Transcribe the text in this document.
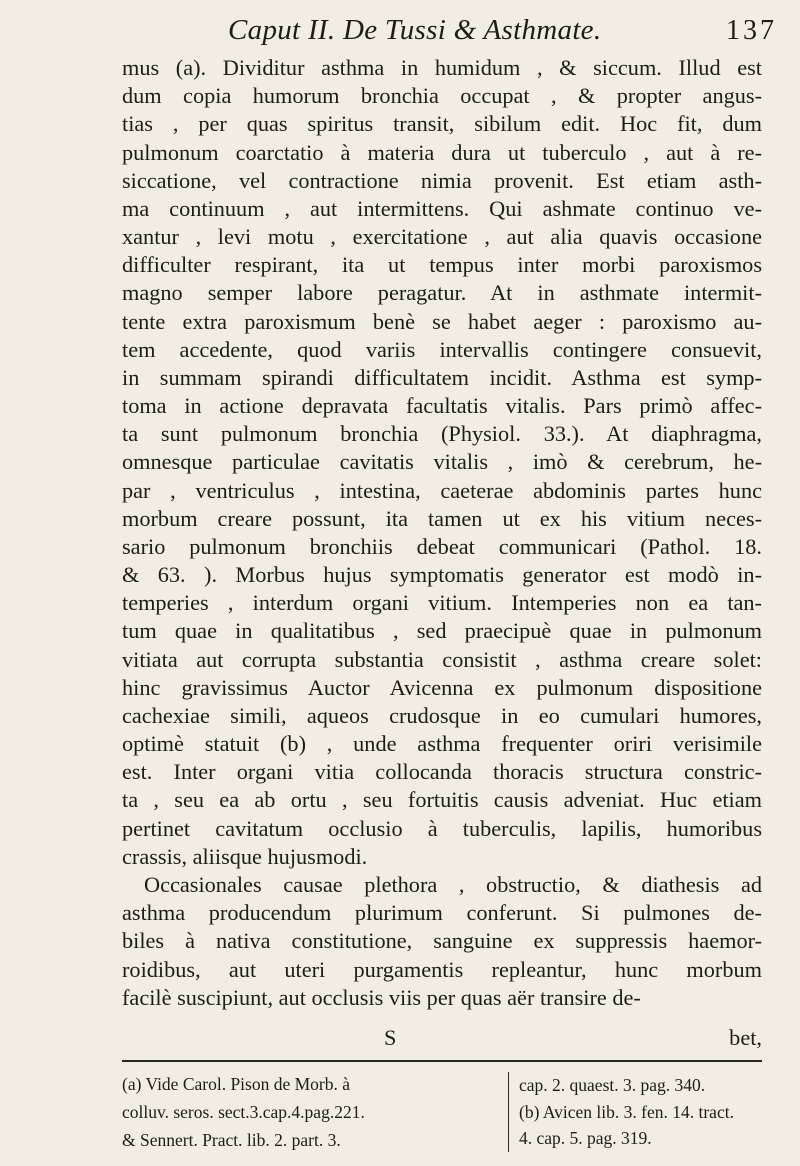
Caput II. De Tussi & Asthmate.	137
mus (a). Dividitur asthma in humidum , & siccum. Illud est
dum copia humorum bronchia occupat , & propter angus-
tias , per quas spiritus transit, sibilum edit. Hoc fit, dum
pulmonum coarctatio à materia dura ut tuberculo , aut à re-
siccatione, vel contractione nimia provenit. Est etiam asth-
ma continuum , aut intermittens. Qui ashmate continuo ve-
xantur , levi motu , exercitatione , aut alia quavis occasione
difficulter respirant, ita ut tempus inter morbi paroxismos
magno semper labore peragatur. At in asthmate intermit-
tente extra paroxismum benè se habet aeger : paroxismo au-
tem accedente, quod variis intervallis contingere consuevit,
in summam spirandi difficultatem incidit. Asthma est symp-
toma in actione depravata facultatis vitalis. Pars primò affec-
ta sunt pulmonum bronchia (Physiol. 33.). At diaphragma,
omnesque particulae cavitatis vitalis , imò & cerebrum, he-
par , ventriculus , intestina, caeterae abdominis partes hunc
morbum creare possunt, ita tamen ut ex his vitium neces-
sario pulmonum bronchiis debeat communicari (Pathol. 18.
& 63. ). Morbus hujus symptomatis generator est modò in-
temperies , interdum organi vitium. Intemperies non ea tan-
tum quae in qualitatibus , sed praecipuè quae in pulmonum
vitiata aut corrupta substantia consistit , asthma creare solet:
hinc gravissimus Auctor Avicenna ex pulmonum dispositione
cachexiae simili, aqueos crudosque in eo cumulari humores,
optimè statuit (b) , unde asthma frequenter oriri verisimile
est. Inter organi vitia collocanda thoracis structura constric-
ta , seu ea ab ortu , seu fortuitis causis adveniat. Huc etiam
pertinet cavitatum occlusio à tuberculis, lapilis, humoribus
crassis, aliisque hujusmodi.
Occasionales causae plethora , obstructio, & diathesis ad
asthma producendum plurimum conferunt. Si pulmones de-
biles à nativa constitutione, sanguine ex suppressis haemor-
roidibus, aut uteri purgamentis repleantur, hunc morbum
facilè suscipiunt, aut occlusis viis per quas aër transire de-
S	bet,
(a) Vide Carol. Pison de Morb. à
colluv. seros. sect.3.cap.4.pag.221.
& Sennert. Pract. lib. 2. part. 3.
cap. 2. quaest. 3. pag. 340.
(b) Avicen lib. 3. fen. 14. tract.
4. cap. 5. pag. 319.
